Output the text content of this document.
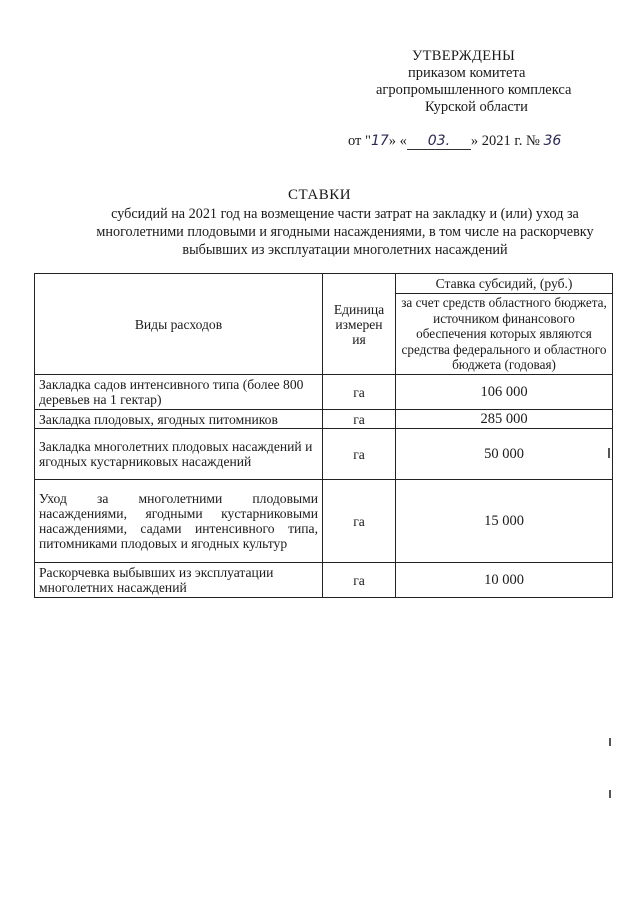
УТВЕРЖДЕНЫ
приказом комитета
агропромышленного комплекса
Курской области
от "17» « 03. » 2021 г. № 36
СТАВКИ
субсидий на 2021 год на возмещение части затрат на закладку и (или) уход за многолетними плодовыми и ягодными насаждениями, в том числе на раскорчевку выбывших из эксплуатации многолетних насаждений
Виды расходов	Единица измерен ия	Ставка субсидий, (руб.)
		за счет средств областного бюджета, источником финансового обеспечения которых являются средства федерального и областного бюджета (годовая)
Закладка садов интенсивного типа (более 800 деревьев на 1 гектар)	га	106 000
Закладка плодовых, ягодных питомников	га	285 000
Закладка многолетних плодовых насаждений и ягодных кустарниковых насаждений	га	50 000
Уход за многолетними плодовыми насаждениями, ягодными кустарниковыми насаждениями, садами интенсивного типа, питомниками плодовых и ягодных культур	га	15 000
Раскорчевка выбывших из эксплуатации многолетних насаждений	га	10 000
